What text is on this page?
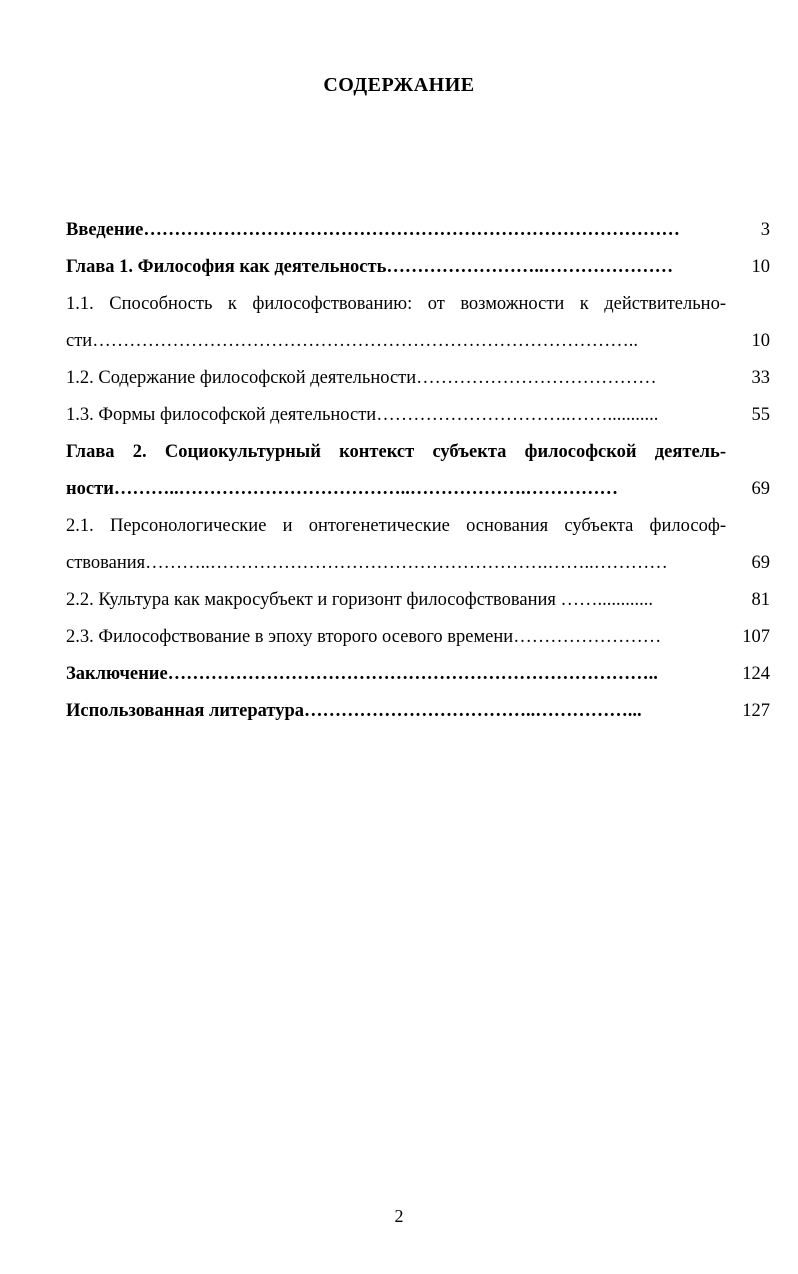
СОДЕРЖАНИЕ
Введение……………………………………………………………………………	3
Глава 1. Философия как деятельность……………………..…………………	10
1.1. Способность к философствованию: от возможности к действительно-
сти……………………………………………………………………………..	10
1.2. Содержание философской деятельности…………………………………	33
1.3. Формы философской деятельности…………………………..……...........	55
Глава 2. Социокультурный контекст субъекта философской деятель-
ности………..………………………………..……………….……………	69
2.1. Персонологические и онтогенетические основания субъекта философ-
ствования………..……………………………………………….……..…………	69
2.2. Культура как макросубъект и горизонт философствования ……............	81
2.3. Философствование в эпоху второго осевого времени……………………	107
Заключение……………………………………………………………………..	124
Использованная литература………………………………..……………...	127
2
